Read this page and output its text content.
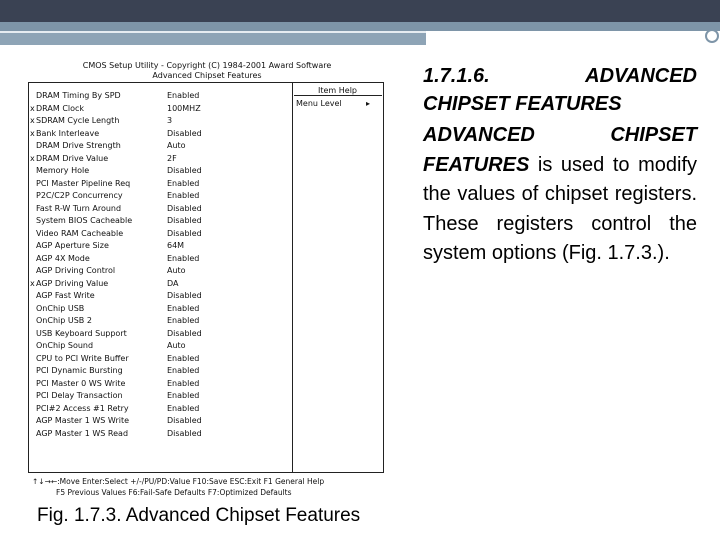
CMOS Setup Utility - Copyright (C) 1984-2001 Award Software
Advanced Chipset Features
DRAM Timing By SPD	Enabled
x DRAM Clock	100MHZ
x SDRAM Cycle Length	3
x Bank Interleave	Disabled
DRAM Drive Strength	Auto
x DRAM Drive Value	2F
Memory Hole	Disabled
PCI Master Pipeline Req	Enabled
P2C/C2P Concurrency	Enabled
Fast R-W Turn Around	Disabled
System BIOS Cacheable	Disabled
Video RAM Cacheable	Disabled
AGP Aperture Size	64M
AGP 4X Mode	Enabled
AGP Driving Control	Auto
x AGP Driving Value	DA
AGP Fast Write	Disabled
OnChip USB	Enabled
OnChip USB 2	Enabled
USB Keyboard Support	Disabled
OnChip Sound	Auto
CPU to PCI Write Buffer	Enabled
PCI Dynamic Bursting	Enabled
PCI Master 0 WS Write	Enabled
PCI Delay Transaction	Enabled
PCI#2 Access #1 Retry	Enabled
AGP Master 1 WS Write	Disabled
AGP Master 1 WS Read	Disabled
Item Help
Menu Level	▸
↑↓→←:Move Enter:Select +/-/PU/PD:Value F10:Save ESC:Exit F1 General Help
F5 Previous Values F6:Fail-Safe Defaults F7:Optimized Defaults
1.7.1.6. ADVANCED
CHIPSET FEATURES
ADVANCED CHIPSET FEATURES is used to modify the values of chipset registers. These registers control the system options (Fig. 1.7.3.).
Fig. 1.7.3. Advanced Chipset Features
